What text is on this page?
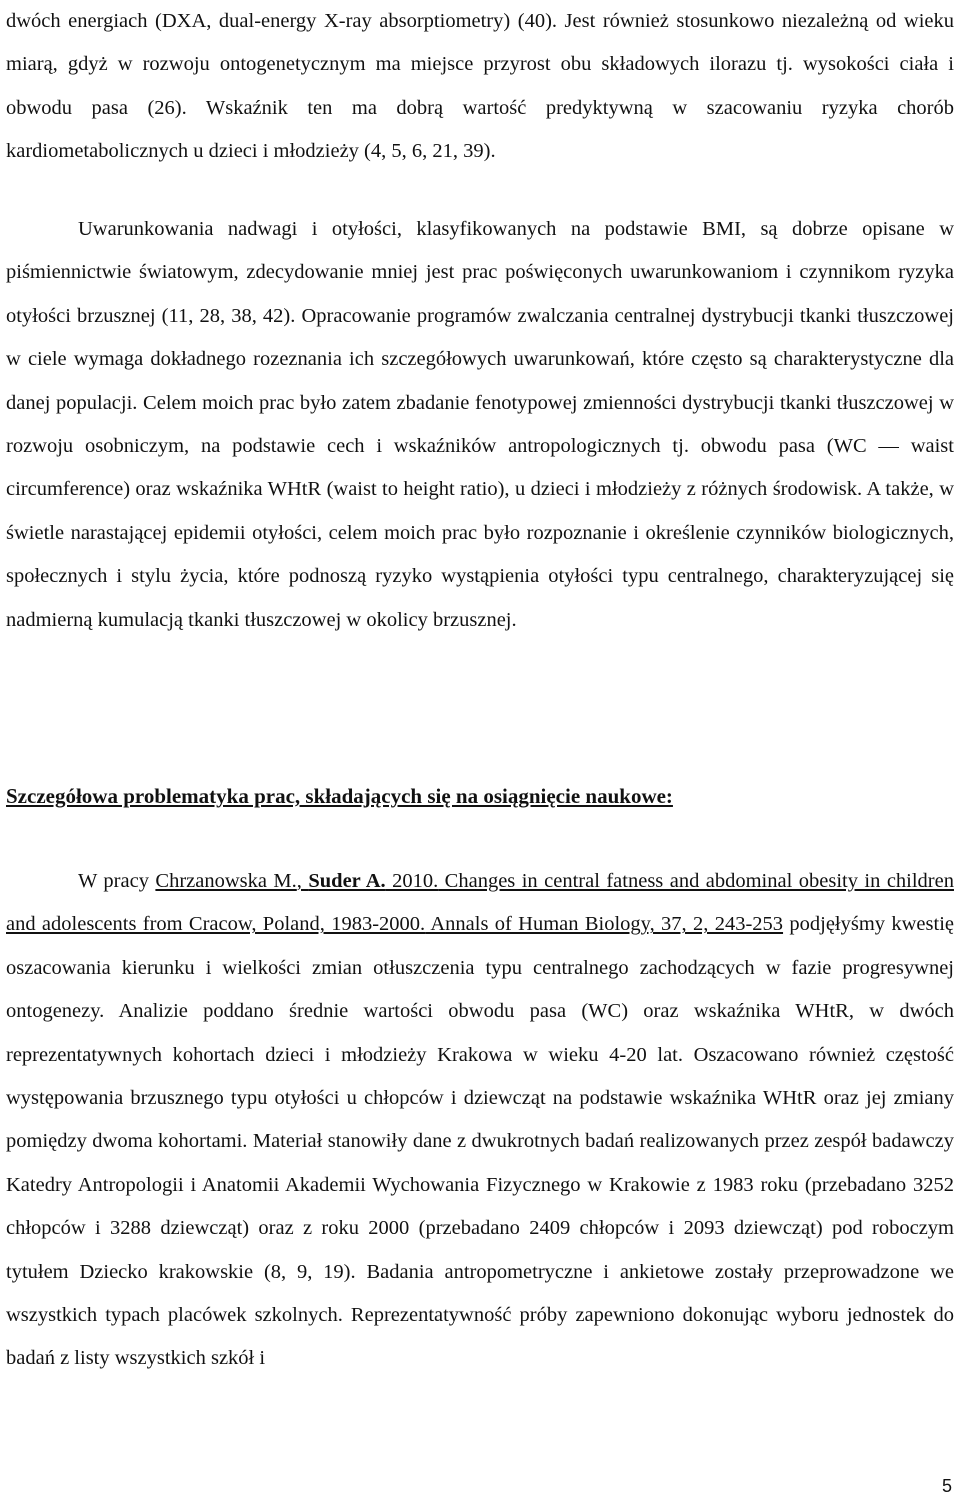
dwóch energiach (DXA, dual-energy X-ray absorptiometry) (40). Jest również stosunkowo niezależną od wieku miarą, gdyż w rozwoju ontogenetycznym ma miejsce przyrost obu składowych ilorazu tj. wysokości ciała i obwodu pasa (26). Wskaźnik ten ma dobrą wartość predyktywną w szacowaniu ryzyka chorób kardiometabolicznych u dzieci i młodzieży (4, 5, 6, 21, 39).

Uwarunkowania nadwagi i otyłości, klasyfikowanych na podstawie BMI, są dobrze opisane w piśmiennictwie światowym, zdecydowanie mniej jest prac poświęconych uwarunkowaniom i czynnikom ryzyka otyłości brzusznej (11, 28, 38, 42). Opracowanie programów zwalczania centralnej dystrybucji tkanki tłuszczowej w ciele wymaga dokładnego rozeznania ich szczegółowych uwarunkowań, które często są charakterystyczne dla danej populacji. Celem moich prac było zatem zbadanie fenotypowej zmienności dystrybucji tkanki tłuszczowej w rozwoju osobniczym, na podstawie cech i wskaźników antropologicznych tj. obwodu pasa (WC ― waist circumference) oraz wskaźnika WHtR (waist to height ratio), u dzieci i młodzieży z różnych środowisk. A także, w świetle narastającej epidemii otyłości, celem moich prac było rozpoznanie i określenie czynników biologicznych, społecznych i stylu życia, które podnoszą ryzyko wystąpienia otyłości typu centralnego, charakteryzującej się nadmierną kumulacją tkanki tłuszczowej w okolicy brzusznej.

Szczegółowa problematyka prac, składających się na osiągnięcie naukowe:

W pracy Chrzanowska M., Suder A. 2010. Changes in central fatness and abdominal obesity in children and adolescents from Cracow, Poland, 1983-2000. Annals of Human Biology, 37, 2, 243-253 podjęłyśmy kwestię oszacowania kierunku i wielkości zmian otłuszczenia typu centralnego zachodzących w fazie progresywnej ontogenezy. Analizie poddano średnie wartości obwodu pasa (WC) oraz wskaźnika WHtR, w dwóch reprezentatywnych kohortach dzieci i młodzieży Krakowa w wieku 4-20 lat. Oszacowano również częstość występowania brzusznego typu otyłości u chłopców i dziewcząt na podstawie wskaźnika WHtR oraz jej zmiany pomiędzy dwoma kohortami. Materiał stanowiły dane z dwukrotnych badań realizowanych przez zespół badawczy Katedry Antropologii i Anatomii Akademii Wychowania Fizycznego w Krakowie z 1983 roku (przebadano 3252 chłopców i 3288 dziewcząt) oraz z roku 2000 (przebadano 2409 chłopców i 2093 dziewcząt) pod roboczym tytułem Dziecko krakowskie (8, 9, 19). Badania antropometryczne i ankietowe zostały przeprowadzone we wszystkich typach placówek szkolnych. Reprezentatywność próby zapewniono dokonując wyboru jednostek do badań z listy wszystkich szkół i

5
